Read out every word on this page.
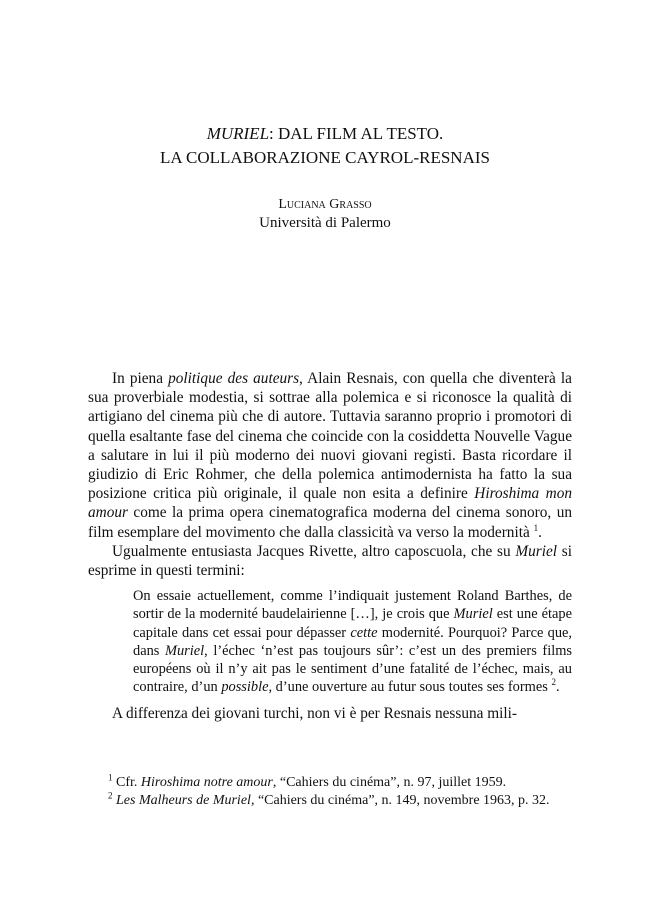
MURIEL: DAL FILM AL TESTO.
LA COLLABORAZIONE CAYROL-RESNAIS
Luciana Grasso
Università di Palermo

In piena politique des auteurs, Alain Resnais, con quella che diventerà la sua proverbiale modestia, si sottrae alla polemica e si riconosce la qualità di artigiano del cinema più che di autore. Tuttavia saranno proprio i promotori di quella esaltante fase del cinema che coincide con la cosiddetta Nouvelle Vague a salutare in lui il più moderno dei nuovi giovani registi. Basta ricordare il giudizio di Eric Rohmer, che della polemica antimodernista ha fatto la sua posizione critica più originale, il quale non esita a definire Hiroshima mon amour come la prima opera cinematografica moderna del cinema sonoro, un film esemplare del movimento che dalla classicità va verso la modernità $^1$.

Ugualmente entusiasta Jacques Rivette, altro caposcuola, che su Muriel si esprime in questi termini:

On essaie actuellement, comme l’indiquait justement Roland Barthes, de sortir de la modernité baudelairienne […], je crois que Muriel est une étape capitale dans cet essai pour dépasser cette modernité. Pourquoi? Parce que, dans Muriel, l’échec ‘n’est pas toujours sûr’: c’est un des premiers films européens où il n’y ait pas le sentiment d’une fatalité de l’échec, mais, au contraire, d’un possible, d’une ouverture au futur sous toutes ses formes $^2$.

A differenza dei giovani turchi, non vi è per Resnais nessuna mili-

$^1$ Cfr. Hiroshima notre amour, “Cahiers du cinéma”, n. 97, juillet 1959.

$^2$ Les Malheurs de Muriel, “Cahiers du cinéma”, n. 149, novembre 1963, p. 32.
